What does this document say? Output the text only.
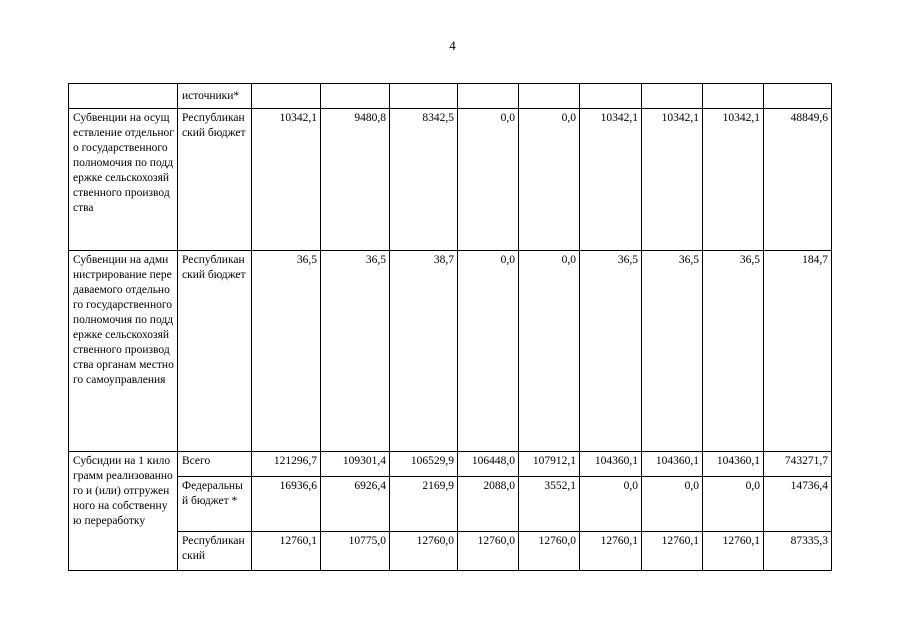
4
	источники*									
Субвенции на осуществление отдельного государственного полномочия по поддержке сельскохозяйственного производства	Республиканский бюджет	10342,1	9480,8	8342,5	0,0	0,0	10342,1	10342,1	10342,1	48849,6
Субвенции на администрирование передаваемого отдельного государственного полномочия по поддержке сельскохозяйственного производства органам местного самоуправления	Республиканский бюджет	36,5	36,5	38,7	0,0	0,0	36,5	36,5	36,5	184,7
Субсидии на 1 килограмм реализованного и (или) отгруженного на собственную переработку	Всего	121296,7	109301,4	106529,9	106448,0	107912,1	104360,1	104360,1	104360,1	743271,7
	Федеральный бюджет *	16936,6	6926,4	2169,9	2088,0	3552,1	0,0	0,0	0,0	14736,4
	Республиканский	12760,1	10775,0	12760,0	12760,0	12760,0	12760,1	12760,1	12760,1	87335,3
